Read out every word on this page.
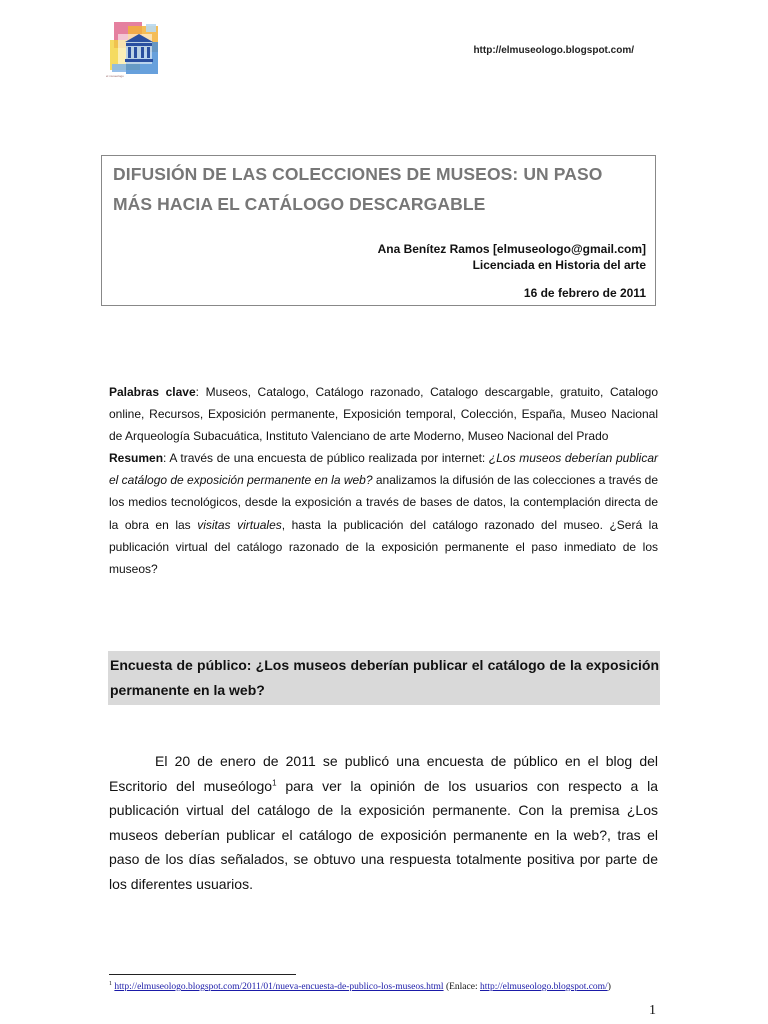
el museologo
http://elmuseologo.blogspot.com/
DIFUSIÓN DE LAS COLECCIONES DE MUSEOS: UN PASO
MÁS HACIA EL CATÁLOGO DESCARGABLE
Ana Benítez Ramos [elmuseologo@gmail.com]
Licenciada en Historia del arte
16 de febrero de 2011

Palabras clave: Museos, Catalogo, Catálogo razonado, Catalogo descargable, gratuito, Catalogo online, Recursos, Exposición permanente, Exposición temporal, Colección, España, Museo Nacional de Arqueología Subacuática, Instituto Valenciano de arte Moderno, Museo Nacional del Prado

Resumen: A través de una encuesta de público realizada por internet: ¿Los museos deberían publicar el catálogo de exposición permanente en la web? analizamos la difusión de las colecciones a través de los medios tecnológicos, desde la exposición a través de bases de datos, la contemplación directa de la obra en las visitas virtuales, hasta la publicación del catálogo razonado del museo. ¿Será la publicación virtual del catálogo razonado de la exposición permanente el paso inmediato de los museos?

Encuesta de público: ¿Los museos deberían publicar el catálogo de la exposición permanente en la web?

El 20 de enero de 2011 se publicó una encuesta de público en el blog del Escritorio del museólogo$^1$ para ver la opinión de los usuarios con respecto a la publicación virtual del catálogo de la exposición permanente. Con la premisa ¿Los museos deberían publicar el catálogo de exposición permanente en la web?, tras el paso de los días señalados, se obtuvo una respuesta totalmente positiva por parte de los diferentes usuarios.

$^1$ http://elmuseologo.blogspot.com/2011/01/nueva-encuesta-de-publico-los-museos.html (Enlace: http://elmuseologo.blogspot.com/)
1
